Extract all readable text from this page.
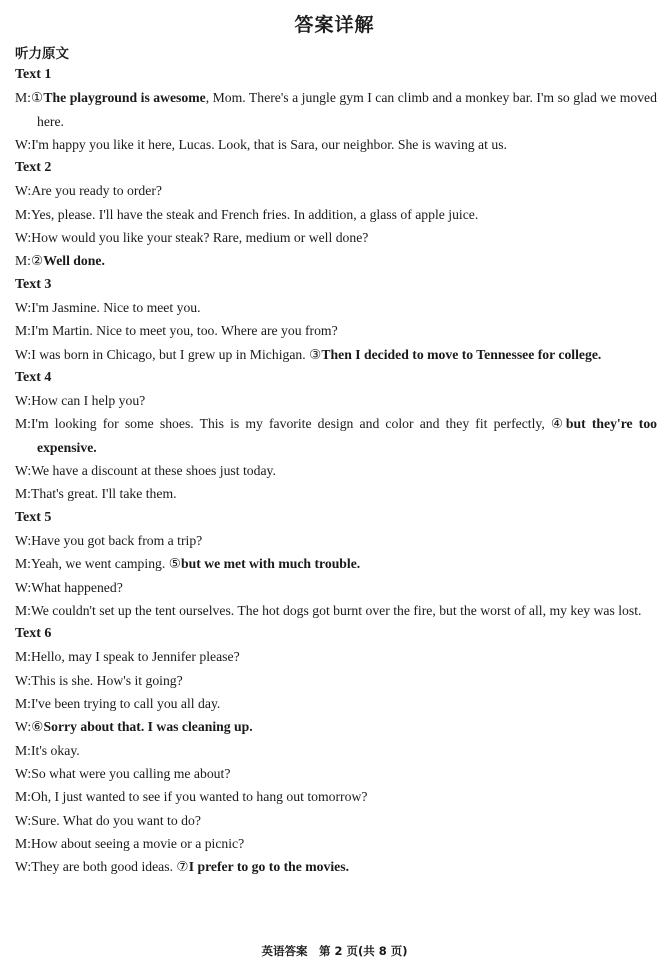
答案详解
听力原文
Text 1
M:①The playground is awesome, Mom. There's a jungle gym I can climb and a monkey bar. I'm so glad we moved here.
W:I'm happy you like it here, Lucas. Look, that is Sara, our neighbor. She is waving at us.
Text 2
W:Are you ready to order?
M:Yes, please. I'll have the steak and French fries. In addition, a glass of apple juice.
W:How would you like your steak? Rare, medium or well done?
M:②Well done.
Text 3
W:I'm Jasmine. Nice to meet you.
M:I'm Martin. Nice to meet you, too. Where are you from?
W:I was born in Chicago, but I grew up in Michigan. ③Then I decided to move to Tennessee for college.
Text 4
W:How can I help you?
M:I'm looking for some shoes. This is my favorite design and color and they fit perfectly, ④but they're too expensive.
W:We have a discount at these shoes just today.
M:That's great. I'll take them.
Text 5
W:Have you got back from a trip?
M:Yeah, we went camping. ⑤but we met with much trouble.
W:What happened?
M:We couldn't set up the tent ourselves. The hot dogs got burnt over the fire, but the worst of all, my key was lost.
Text 6
M:Hello, may I speak to Jennifer please?
W:This is she. How's it going?
M:I've been trying to call you all day.
W:⑥Sorry about that. I was cleaning up.
M:It's okay.
W:So what were you calling me about?
M:Oh, I just wanted to see if you wanted to hang out tomorrow?
W:Sure. What do you want to do?
M:How about seeing a movie or a picnic?
W:They are both good ideas. ⑦I prefer to go to the movies.
英语答案　第 2 页(共 8 页)
